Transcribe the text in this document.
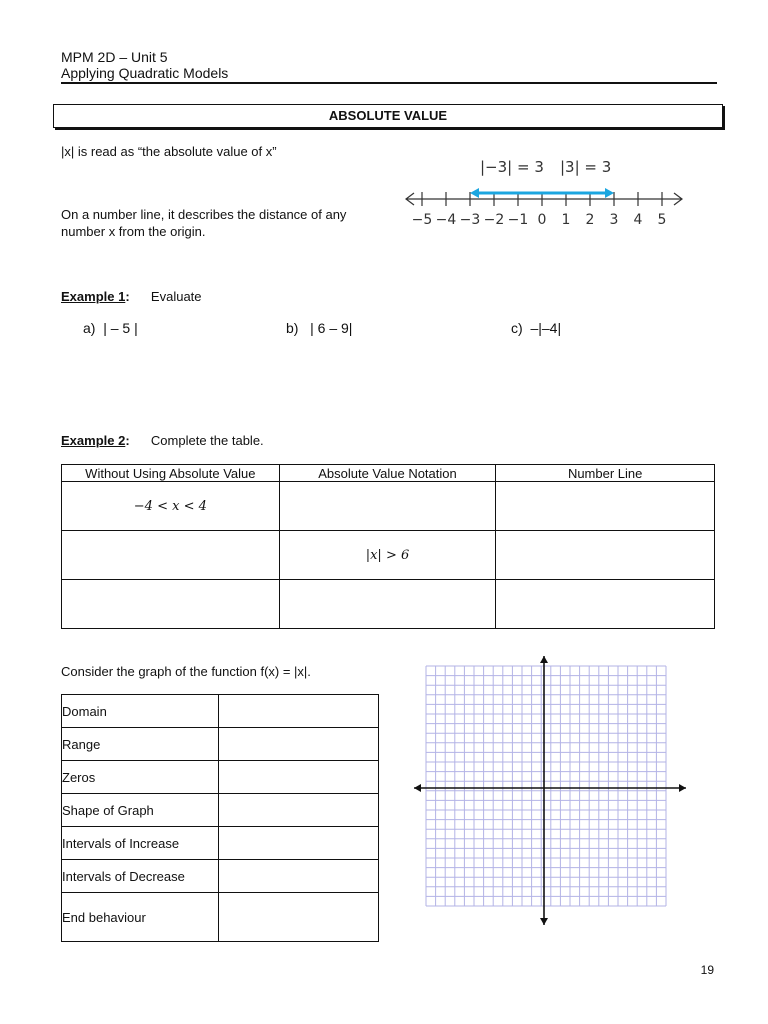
MPM 2D – Unit 5
Applying Quadratic Models
ABSOLUTE VALUE
|x| is read as “the absolute value of x”
On a number line, it describes the distance of any
number x from the origin.
|−3| = 3 |3| = 3
−5 −4 −3 −2 −1 0 1 2 3 4 5
Example 1: Evaluate
a) | – 5 |	b) | 6 – 9|	c) –|–4|
Example 2: Complete the table.
Without Using Absolute Value	Absolute Value Notation	Number Line
−4 < x < 4		
	|x| > 6	

Consider the graph of the function f(x) = |x|.
Domain	
Range	
Zeros	
Shape of Graph	
Intervals of Increase	
Intervals of Decrease	
End behaviour	
19
